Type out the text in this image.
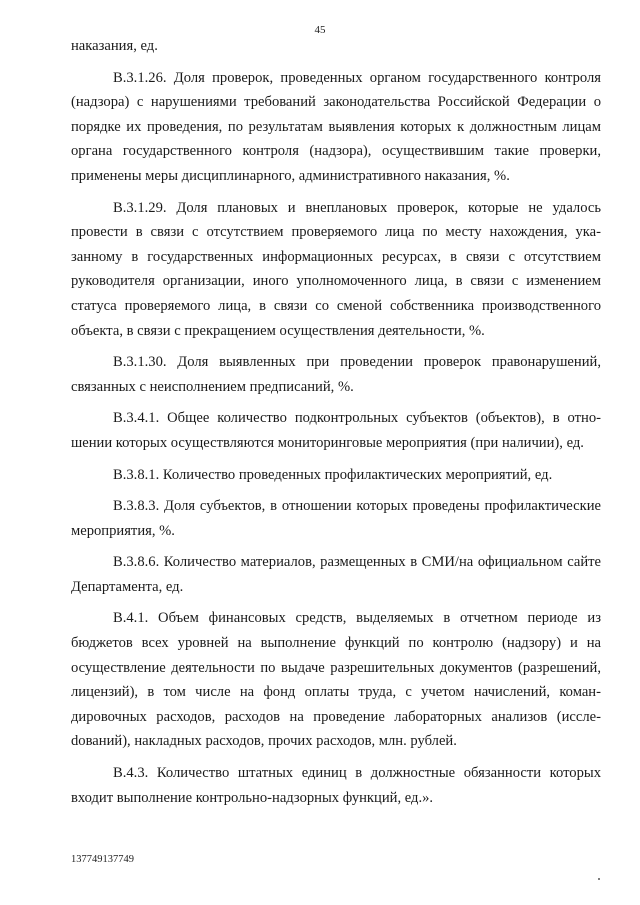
45

наказания, ед.

В.3.1.26. Доля проверок, проведенных органом государственного контроля (надзора) с нарушениями требований законодательства Российской Федерации о порядке их проведения, по результатам выявления которых к должностным лицам органа государственного контроля (надзора), осуществившим такие проверки, применены меры дисциплинарного, административного наказания, %.

В.3.1.29. Доля плановых и внеплановых проверок, которые не удалось провести в связи с отсутствием проверяемого лица по месту нахождения, указанному в государственных информационных ресурсах, в связи с отсутствием руководителя организации, иного уполномоченного лица, в связи с изменением статуса проверяемого лица, в связи со сменой собственника производственного объекта, в связи с прекращением осуществления деятельности, %.

В.3.1.30. Доля выявленных при проведении проверок правонарушений, связанных с неисполнением предписаний, %.

В.3.4.1. Общее количество подконтрольных субъектов (объектов), в отношении которых осуществляются мониторинговые мероприятия (при наличии), ед.

В.3.8.1. Количество проведенных профилактических мероприятий, ед.

В.3.8.3. Доля субъектов, в отношении которых проведены профилактические мероприятия, %.

В.3.8.6. Количество материалов, размещенных в СМИ/на официальном сайте Департамента, ед.

В.4.1. Объем финансовых средств, выделяемых в отчетном периоде из бюджетов всех уровней на выполнение функций по контролю (надзору) и на осуществление деятельности по выдаче разрешительных документов (разрешений, лицензий), в том числе на фонд оплаты труда, с учетом начислений, командировочных расходов, расходов на проведение лабораторных анализов (исслеdований), накладных расходов, прочих расходов, млн. рублей.

В.4.3. Количество штатных единиц в должностные обязанности которых входит выполнение контрольно-надзорных функций, ед.».

137749137749
